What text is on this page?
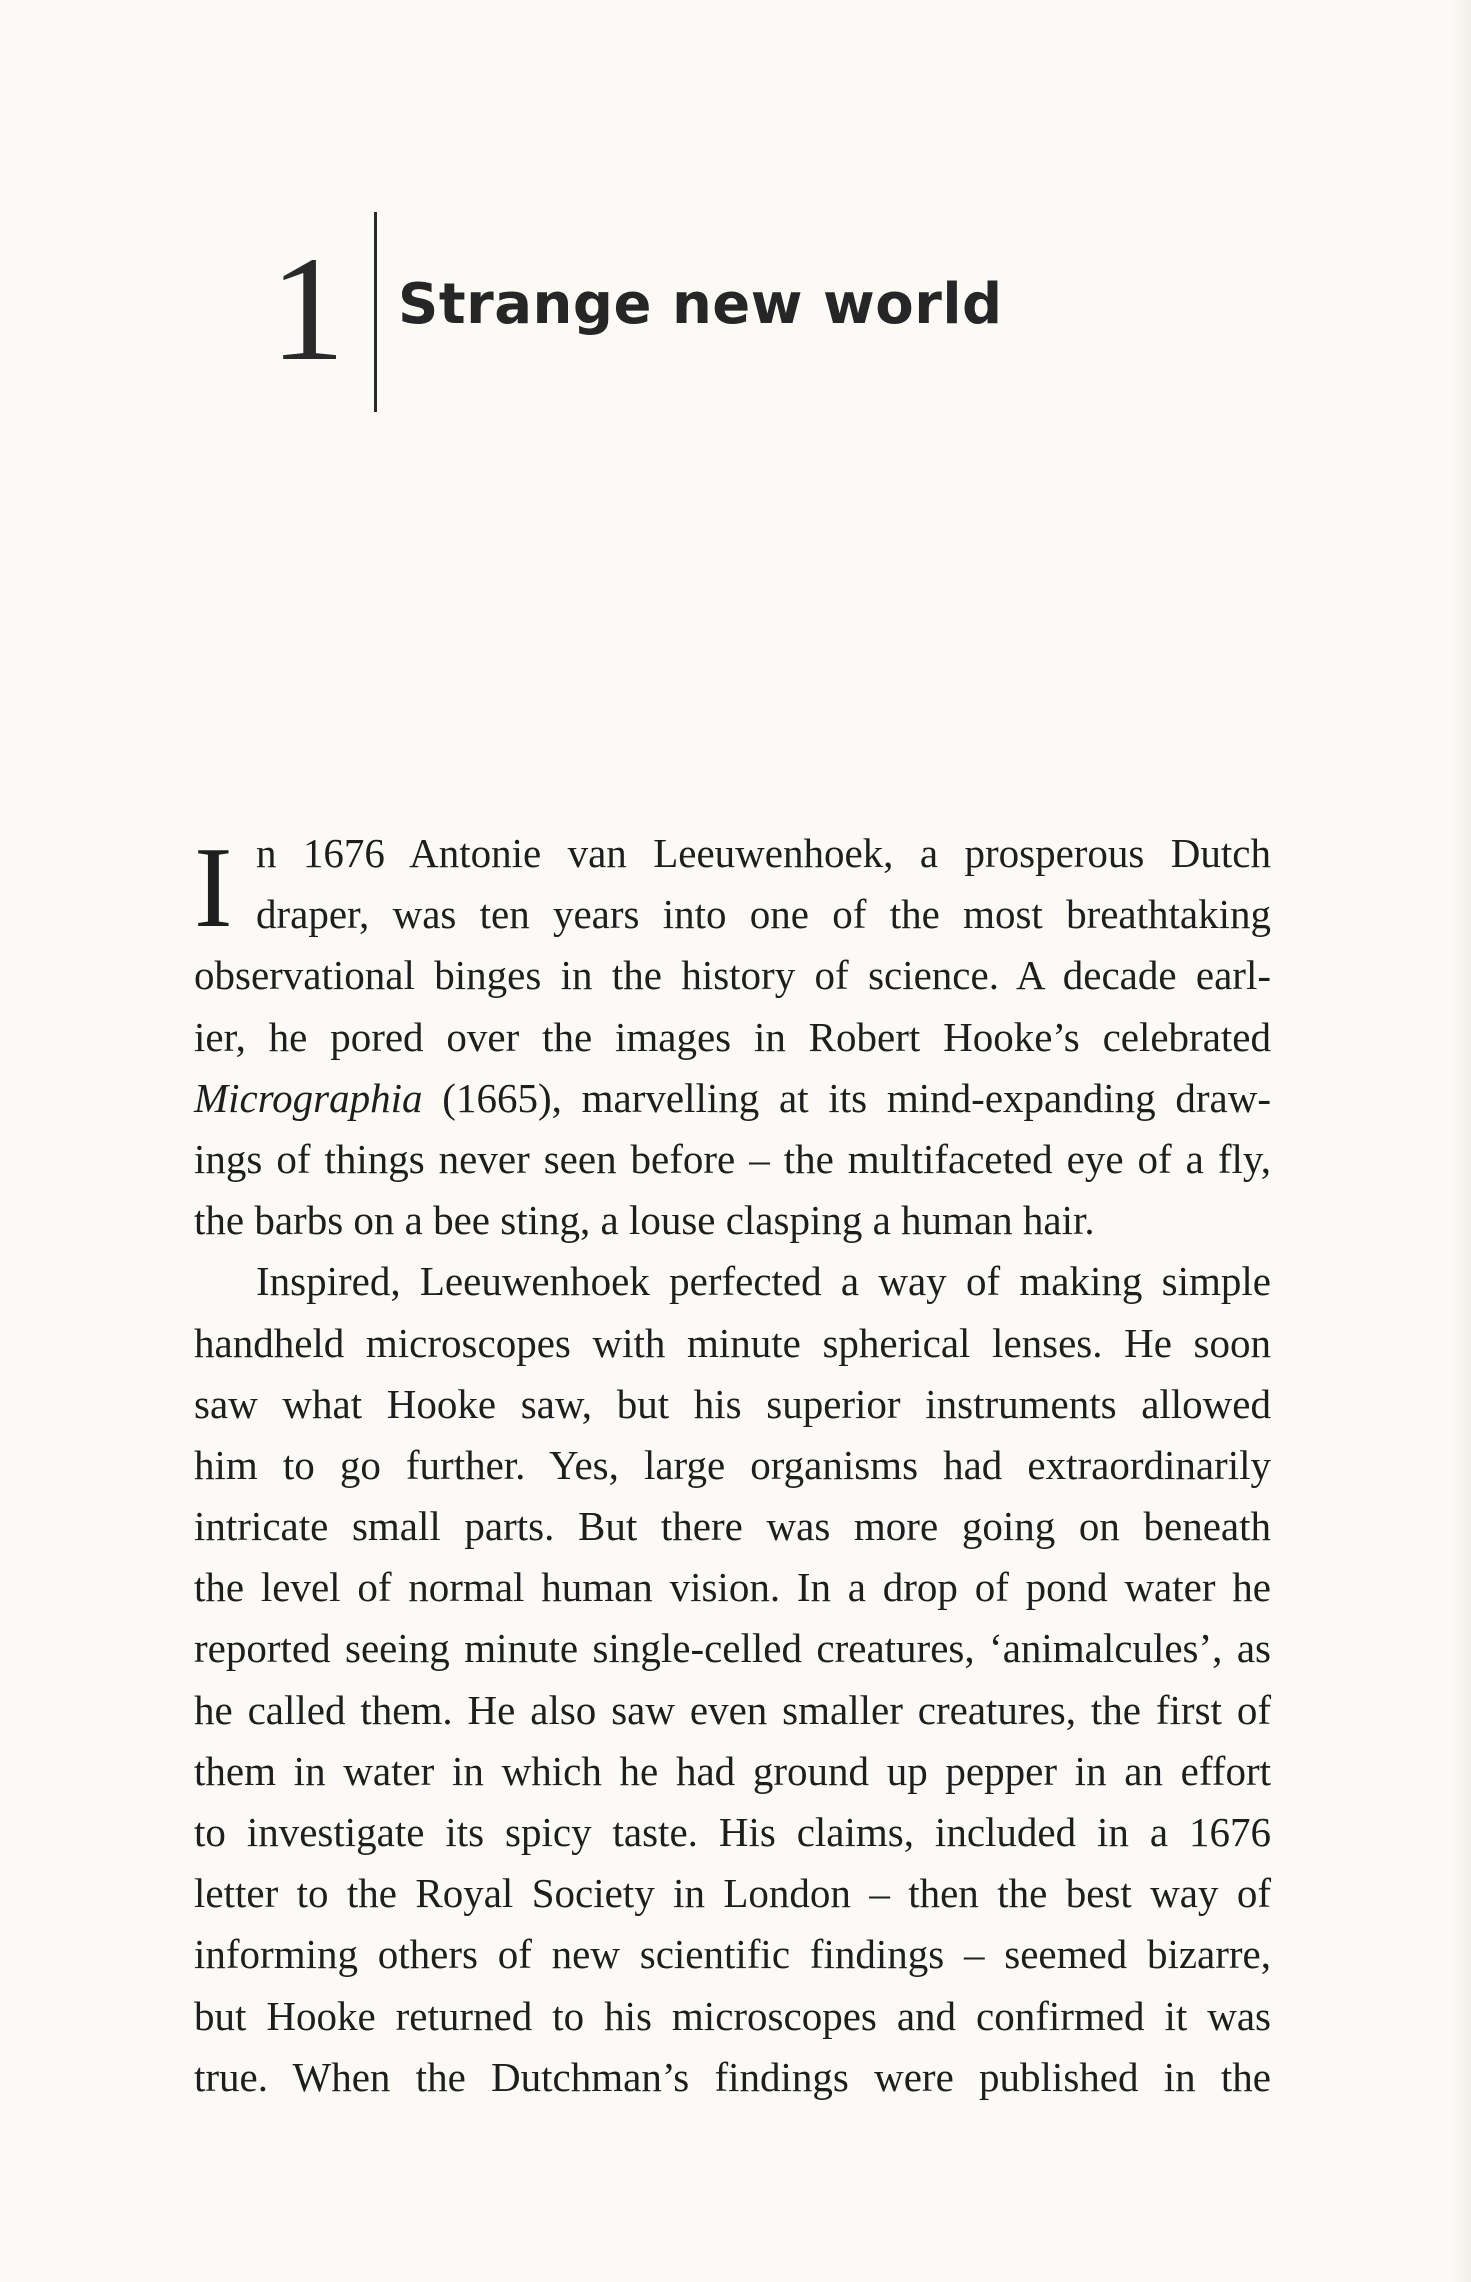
1 Strange new world
I n 1676 Antonie van Leeuwenhoek, a prosperous Dutch
draper, was ten years into one of the most breathtaking
observational binges in the history of science. A decade earl-
ier, he pored over the images in Robert Hooke’s celebrated
Micrographia (1665), marvelling at its mind-expanding draw-
ings of things never seen before – the multifaceted eye of a fly,
the barbs on a bee sting, a louse clasping a human hair.
Inspired, Leeuwenhoek perfected a way of making simple
handheld microscopes with minute spherical lenses. He soon
saw what Hooke saw, but his superior instruments allowed
him to go further. Yes, large organisms had extraordinarily
intricate small parts. But there was more going on beneath
the level of normal human vision. In a drop of pond water he
reported seeing minute single-celled creatures, ‘animalcules’, as
he called them. He also saw even smaller creatures, the first of
them in water in which he had ground up pepper in an effort
to investigate its spicy taste. His claims, included in a 1676
letter to the Royal Society in London – then the best way of
informing others of new scientific findings – seemed bizarre,
but Hooke returned to his microscopes and confirmed it was
true. When the Dutchman’s findings were published in the
